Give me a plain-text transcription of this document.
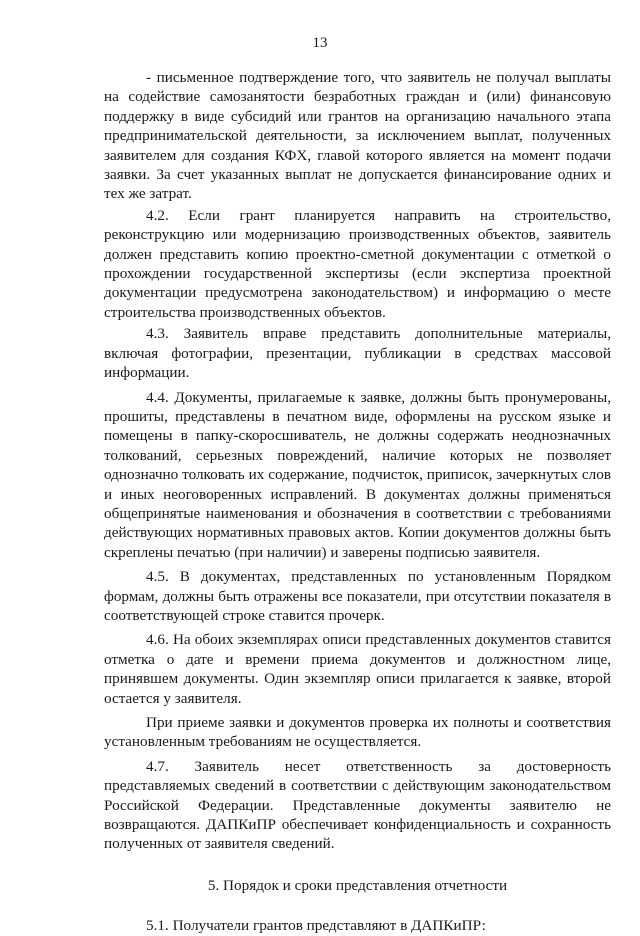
13

- письменное подтверждение того, что заявитель не получал выплаты на содействие самозанятости безработных граждан и (или) финансовую поддержку в виде субсидий или грантов на организацию начального этапа предпринимательской деятельности, за исключением выплат, полученных заявителем для создания КФХ, главой которого является на момент подачи заявки. За счет указанных выплат не допускается финансирование одних и тех же затрат.

4.2. Если грант планируется направить на строительство, реконструкцию или модернизацию производственных объектов, заявитель должен представить копию проектно-сметной документации с отметкой о прохождении государственной экспертизы (если экспертиза проектной документации предусмотрена законодательством) и информацию о месте строительства производственных объектов.

4.3. Заявитель вправе представить дополнительные материалы, включая фотографии, презентации, публикации в средствах массовой информации.

4.4. Документы, прилагаемые к заявке, должны быть пронумерованы, прошиты, представлены в печатном виде, оформлены на русском языке и помещены в папку-скоросшиватель, не должны содержать неоднозначных толкований, серьезных повреждений, наличие которых не позволяет однозначно толковать их содержание, подчисток, приписок, зачеркнутых слов и иных неоговоренных исправлений. В документах должны применяться общепринятые наименования и обозначения в соответствии с требованиями действующих нормативных правовых актов. Копии документов должны быть скреплены печатью (при наличии) и заверены подписью заявителя.

4.5. В документах, представленных по установленным Порядком формам, должны быть отражены все показатели, при отсутствии показателя в соответствующей строке ставится прочерк.

4.6. На обоих экземплярах описи представленных документов ставится отметка о дате и времени приема документов и должностном лице, принявшем документы. Один экземпляр описи прилагается к заявке, второй остается у заявителя.

При приеме заявки и документов проверка их полноты и соответствия установленным требованиям не осуществляется.

4.7. Заявитель несет ответственность за достоверность представляемых сведений в соответствии с действующим законодательством Российской Федерации. Представленные документы заявителю не возвращаются. ДАПКиПР обеспечивает конфиденциальность и сохранность полученных от заявителя сведений.

5. Порядок и сроки представления отчетности

5.1. Получатели грантов представляют в ДАПКиПР:
